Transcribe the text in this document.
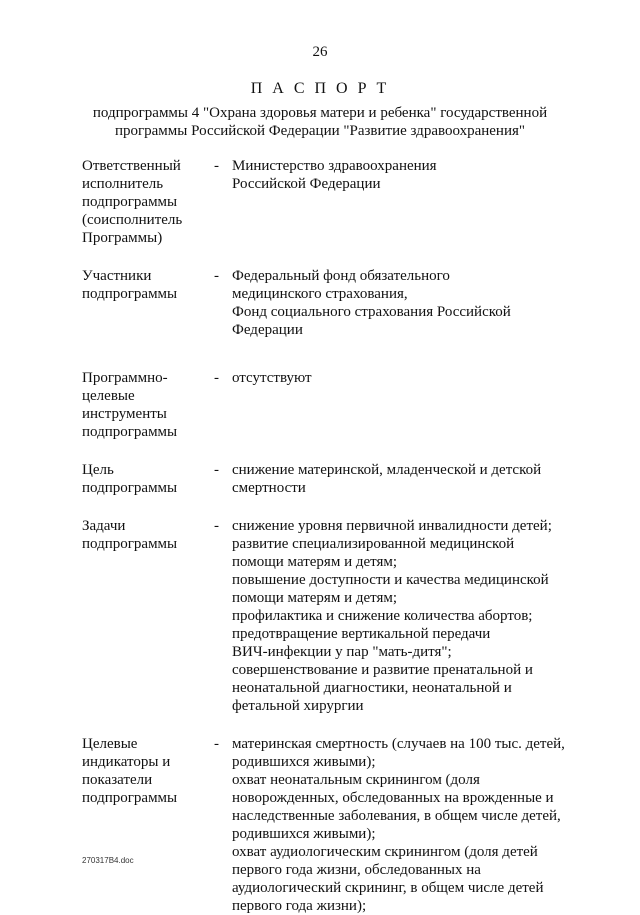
26
П А С П О Р Т
подпрограммы 4 "Охрана здоровья матери и ребенка" государственной
программы Российской Федерации "Развитие здравоохранения"
Ответственный
исполнитель
подпрограммы
(соисполнитель
Программы)
- Министерство здравоохранения
Российской Федерации
Участники
подпрограммы
- Федеральный фонд обязательного
медицинского страхования,
Фонд социального страхования Российской
Федерации
Программно-
целевые
инструменты
подпрограммы
- отсутствуют
Цель
подпрограммы
- снижение материнской, младенческой и детской
смертности
Задачи
подпрограммы
- снижение уровня первичной инвалидности детей;
развитие специализированной медицинской
помощи матерям и детям;
повышение доступности и качества медицинской
помощи матерям и детям;
профилактика и снижение количества абортов;
предотвращение вертикальной передачи
ВИЧ-инфекции у пар "мать-дитя";
совершенствование и развитие пренатальной и
неонатальной диагностики, неонатальной и
фетальной хирургии
Целевые
индикаторы и
показатели
подпрограммы
- материнская смертность (случаев на 100 тыс. детей,
родившихся живыми);
охват неонатальным скринингом (доля
новорожденных, обследованных на врожденные и
наследственные заболевания, в общем числе детей,
родившихся живыми);
охват аудиологическим скринингом (доля детей
первого года жизни, обследованных на
аудиологический скрининг, в общем числе детей
первого года жизни);
270317В4.doc
